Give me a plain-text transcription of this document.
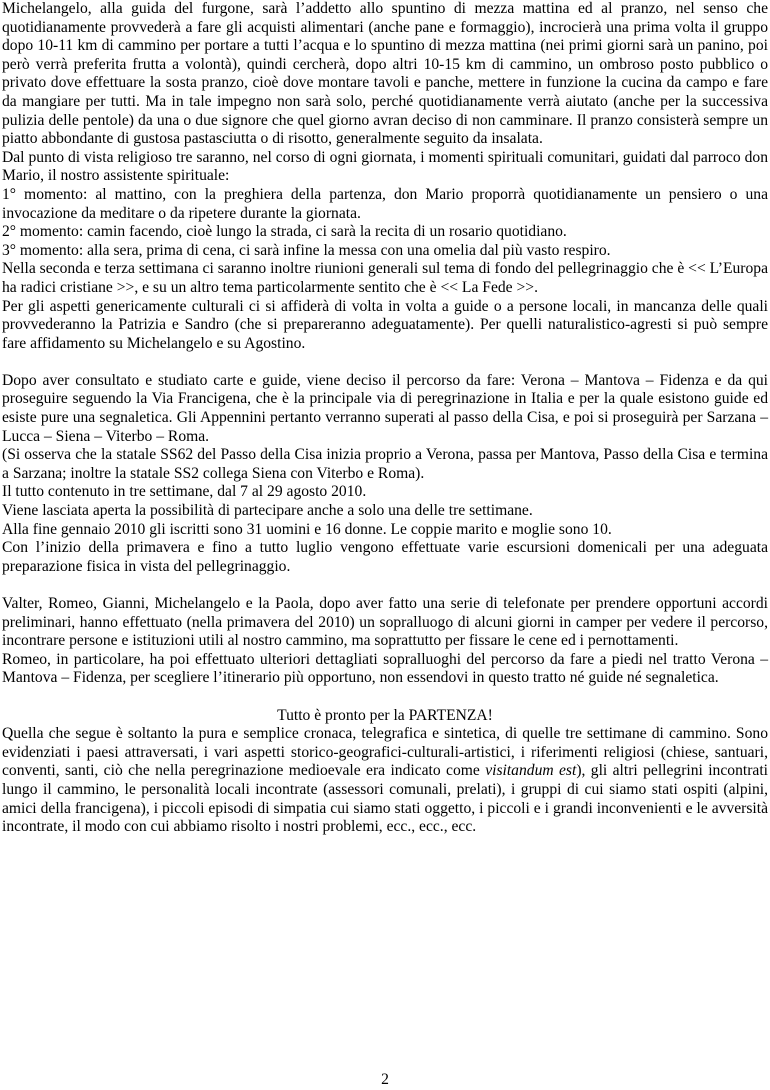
Michelangelo, alla guida del furgone, sarà l’addetto allo spuntino di mezza mattina ed al pranzo, nel senso che quotidianamente provvederà a fare gli acquisti alimentari (anche pane e formaggio), incrocierà una prima volta il gruppo dopo 10-11 km di cammino per portare a tutti l’acqua e lo spuntino di mezza mattina (nei primi giorni sarà un panino, poi però verrà preferita frutta a volontà), quindi cercherà, dopo altri 10-15 km di cammino, un ombroso posto pubblico o privato dove effettuare la sosta pranzo, cioè dove montare tavoli e panche, mettere in funzione la cucina da campo e fare da mangiare per tutti. Ma in tale impegno non sarà solo, perché quotidianamente verrà aiutato (anche per la successiva pulizia delle pentole) da una o due signore che quel giorno avran deciso di non camminare. Il pranzo consisterà sempre un piatto abbondante di gustosa pastasciutta o di risotto, generalmente seguito da insalata.

Dal punto di vista religioso tre saranno, nel corso di ogni giornata, i momenti spirituali comunitari, guidati dal parroco don Mario, il nostro assistente spirituale:

1° momento: al mattino, con la preghiera della partenza, don Mario proporrà quotidianamente un pensiero o una invocazione da meditare o da ripetere durante la giornata.

2° momento: camin facendo, cioè lungo la strada, ci sarà la recita di un rosario quotidiano.

3° momento: alla sera, prima di cena, ci sarà infine la messa con una omelia dal più vasto respiro.

Nella seconda e terza settimana ci saranno inoltre riunioni generali sul tema di fondo del pellegrinaggio che è << L’Europa ha radici cristiane >>, e su un altro tema particolarmente sentito che è << La Fede >>.

Per gli aspetti genericamente culturali ci si affiderà di volta in volta a guide o a persone locali, in mancanza delle quali provvederanno la Patrizia e Sandro (che si prepareranno adeguatamente). Per quelli naturalistico-agresti si può sempre fare affidamento su Michelangelo e su Agostino.

Dopo aver consultato e studiato carte e guide, viene deciso il percorso da fare: Verona – Mantova – Fidenza e da qui proseguire seguendo la Via Francigena, che è la principale via di peregrinazione in Italia e per la quale esistono guide ed esiste pure una segnaletica. Gli Appennini pertanto verranno superati al passo della Cisa, e poi si proseguirà per Sarzana – Lucca – Siena – Viterbo – Roma.

(Si osserva che la statale SS62 del Passo della Cisa inizia proprio a Verona, passa per Mantova, Passo della Cisa e termina a Sarzana; inoltre la statale SS2 collega Siena con Viterbo e Roma).

Il tutto contenuto in tre settimane, dal 7 al 29 agosto 2010.

Viene lasciata aperta la possibilità di partecipare anche a solo una delle tre settimane.

Alla fine gennaio 2010 gli iscritti sono 31 uomini e 16 donne. Le coppie marito e moglie sono 10.

Con l’inizio della primavera e fino a tutto luglio vengono effettuate varie escursioni domenicali per una adeguata preparazione fisica in vista del pellegrinaggio.

Valter, Romeo, Gianni, Michelangelo e la Paola, dopo aver fatto una serie di telefonate per prendere opportuni accordi preliminari, hanno effettuato (nella primavera del 2010) un sopralluogo di alcuni giorni in camper per vedere il percorso, incontrare persone e istituzioni utili al nostro cammino, ma soprattutto per fissare le cene ed i pernottamenti.

Romeo, in particolare, ha poi effettuato ulteriori dettagliati sopralluoghi del percorso da fare a piedi nel tratto Verona – Mantova – Fidenza, per scegliere l’itinerario più opportuno, non essendovi in questo tratto né guide né segnaletica.

Tutto è pronto per la PARTENZA!

Quella che segue è soltanto la pura e semplice cronaca, telegrafica e sintetica, di quelle tre settimane di cammino. Sono evidenziati i paesi attraversati, i vari aspetti storico-geografici-culturali-artistici, i riferimenti religiosi (chiese, santuari, conventi, santi, ciò che nella peregrinazione medioevale era indicato come visitandum est), gli altri pellegrini incontrati lungo il cammino, le personalità locali incontrate (assessori comunali, prelati), i gruppi di cui siamo stati ospiti (alpini, amici della francigena), i piccoli episodi di simpatia cui siamo stati oggetto, i piccoli e i grandi inconvenienti e le avversità incontrate, il modo con cui abbiamo risolto i nostri problemi, ecc., ecc., ecc.

2
